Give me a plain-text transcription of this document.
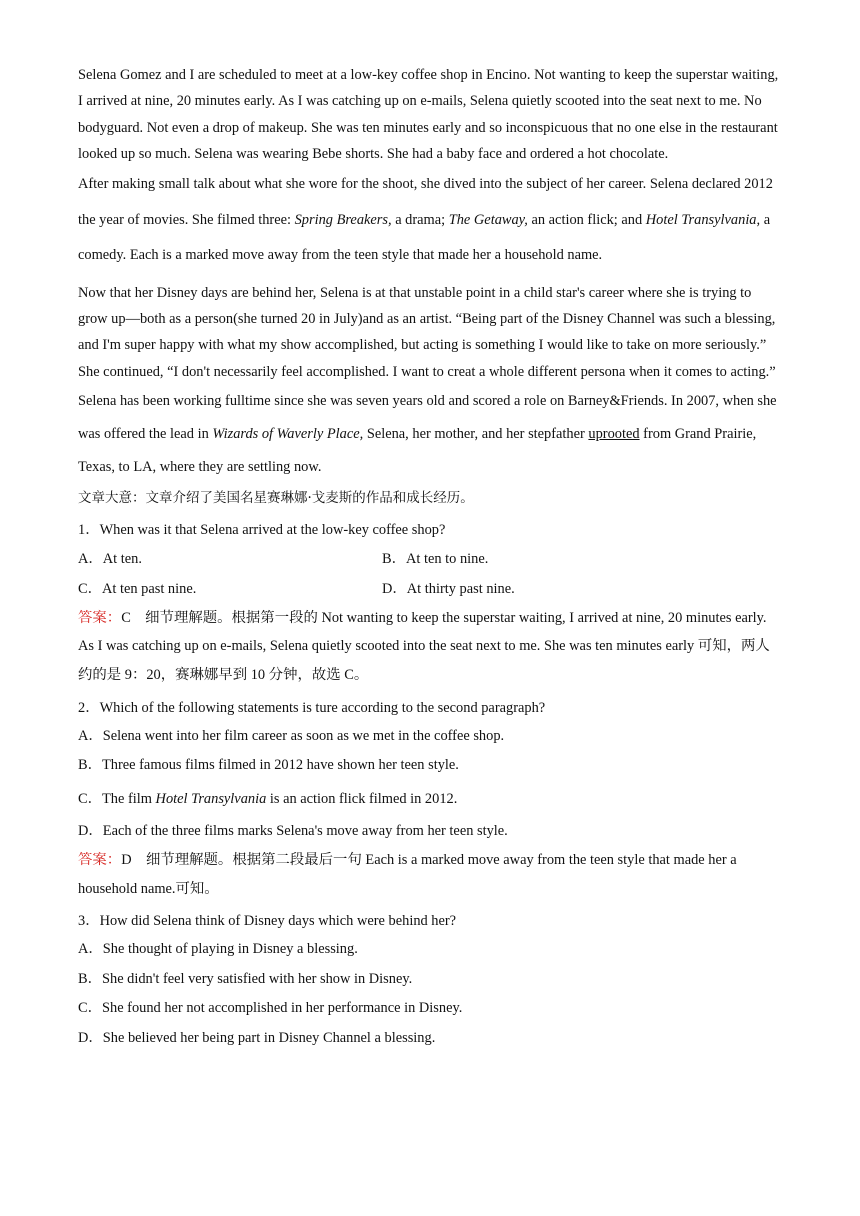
Selena Gomez and I are scheduled to meet at a low-key coffee shop in Encino. Not wanting to keep the superstar waiting, I arrived at nine, 20 minutes early. As I was catching up on e-mails, Selena quietly scooted into the seat next to me. No bodyguard. Not even a drop of makeup. She was ten minutes early and so inconspicuous that no one else in the restaurant looked up so much. Selena was wearing Bebe shorts. She had a baby face and ordered a hot chocolate.

After making small talk about what she wore for the shoot, she dived into the subject of her career. Selena declared 2012 the year of movies. She filmed three: Spring Breakers, a drama; The Getaway, an action flick; and Hotel Transylvania, a comedy. Each is a marked move away from the teen style that made her a household name.

Now that her Disney days are behind her, Selena is at that unstable point in a child star's career where she is trying to grow up—both as a person(she turned 20 in July)and as an artist. “Being part of the Disney Channel was such a blessing, and I'm super happy with what my show accomplished, but acting is something I would like to take on more seriously.” She continued, “I don't necessarily feel accomplished. I want to creat a whole different persona when it comes to acting.”

Selena has been working fulltime since she was seven years old and scored a role on Barney&Friends. In 2007, when she was offered the lead in Wizards of Waverly Place, Selena, her mother, and her stepfather uprooted from Grand Prairie, Texas, to LA, where they are settling now.

文章大意：文章介绍了美国名星赛琳娜·戈麦斯的作品和成长经历。

1．When was it that Selena arrived at the low-key coffee shop?

A．At ten.	B．At ten to nine.
C．At ten past nine.	D．At thirty past nine.

答案：C　细节理解题。根据第一段的 Not wanting to keep the superstar waiting, I arrived at nine, 20 minutes early. As I was catching up on e-mails, Selena quietly scooted into the seat next to me. She was ten minutes early 可知，两人约的是 9：20，赛琳娜早到 10 分钟，故选 C。

2．Which of the following statements is ture according to the second paragraph?

A．Selena went into her film career as soon as we met in the coffee shop.

B．Three famous films filmed in 2012 have shown her teen style.

C．The film Hotel Transylvania is an action flick filmed in 2012.

D．Each of the three films marks Selena's move away from her teen style.

答案：D　细节理解题。根据第二段最后一句 Each is a marked move away from the teen style that made her a household name.可知。

3．How did Selena think of Disney days which were behind her?

A．She thought of playing in Disney a blessing.

B．She didn't feel very satisfied with her show in Disney.

C．She found her not accomplished in her performance in Disney.

D．She believed her being part in Disney Channel a blessing.
